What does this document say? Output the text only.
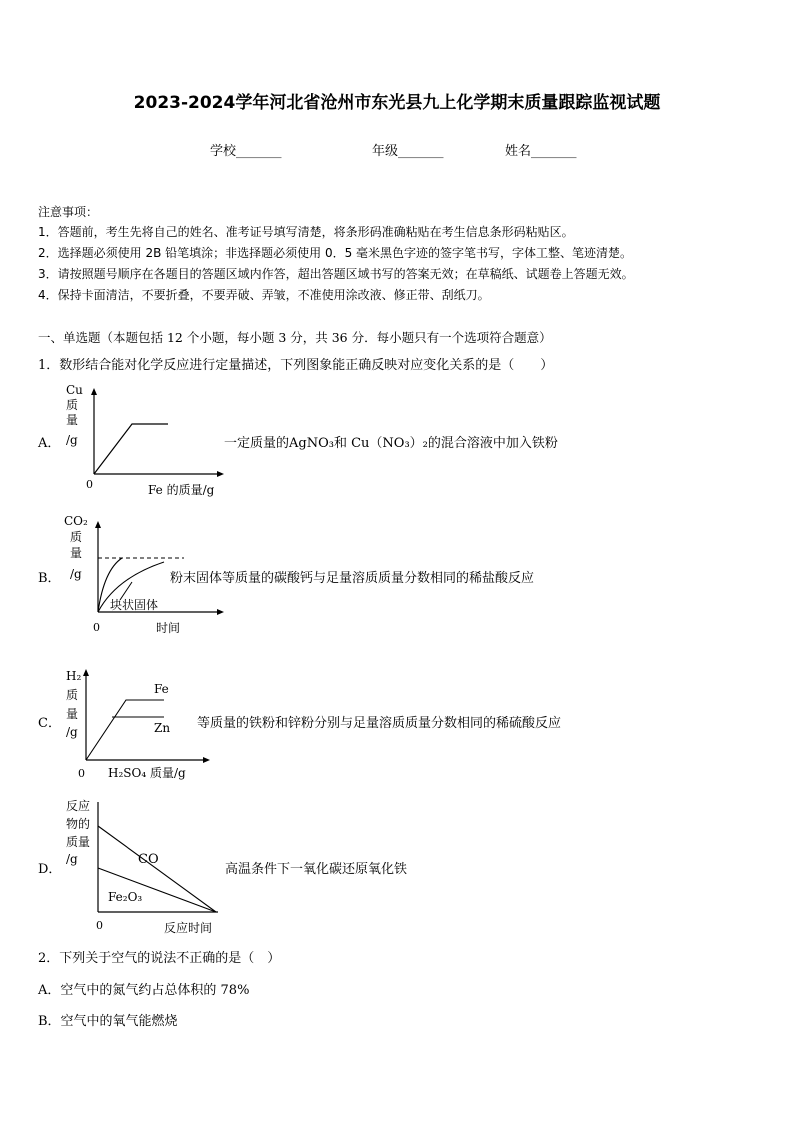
2023-2024学年河北省沧州市东光县九上化学期末质量跟踪监视试题
学校_______	年级_______	姓名_______
注意事项：
1．答题前，考生先将自己的姓名、准考证号填写清楚，将条形码准确粘贴在考生信息条形码粘贴区。
2．选择题必须使用 2B 铅笔填涂；非选择题必须使用 0．5 毫米黑色字迹的签字笔书写，字体工整、笔迹清楚。
3．请按照题号顺序在各题目的答题区域内作答，超出答题区域书写的答案无效；在草稿纸、试题卷上答题无效。
4．保持卡面清洁，不要折叠，不要弄破、弄皱，不准使用涂改液、修正带、刮纸刀。
一、单选题（本题包括 12 个小题，每小题 3 分，共 36 分．每小题只有一个选项符合题意）
1．数形结合能对化学反应进行定量描述，下列图象能正确反映对应变化关系的是（　　）
A．
Cu
质
量
/g
0	Fe 的质量/g
一定质量的AgNO₃和 Cu（NO₃）₂的混合溶液中加入铁粉
B．
CO₂
质
量
/g
块状固体
0	时间
粉末固体等质量的碳酸钙与足量溶质质量分数相同的稀盐酸反应
C．
H₂
质
量
/g
Fe
Zn
0 H₂SO₄ 质量/g
等质量的铁粉和锌粉分别与足量溶质质量分数相同的稀硫酸反应
D．
反应
物的
质量
/g	CO
Fe₂O₃
0	反应时间
高温条件下一氧化碳还原氧化铁
2．下列关于空气的说法不正确的是（　）
A．空气中的氮气约占总体积的 78%
B．空气中的氧气能燃烧
